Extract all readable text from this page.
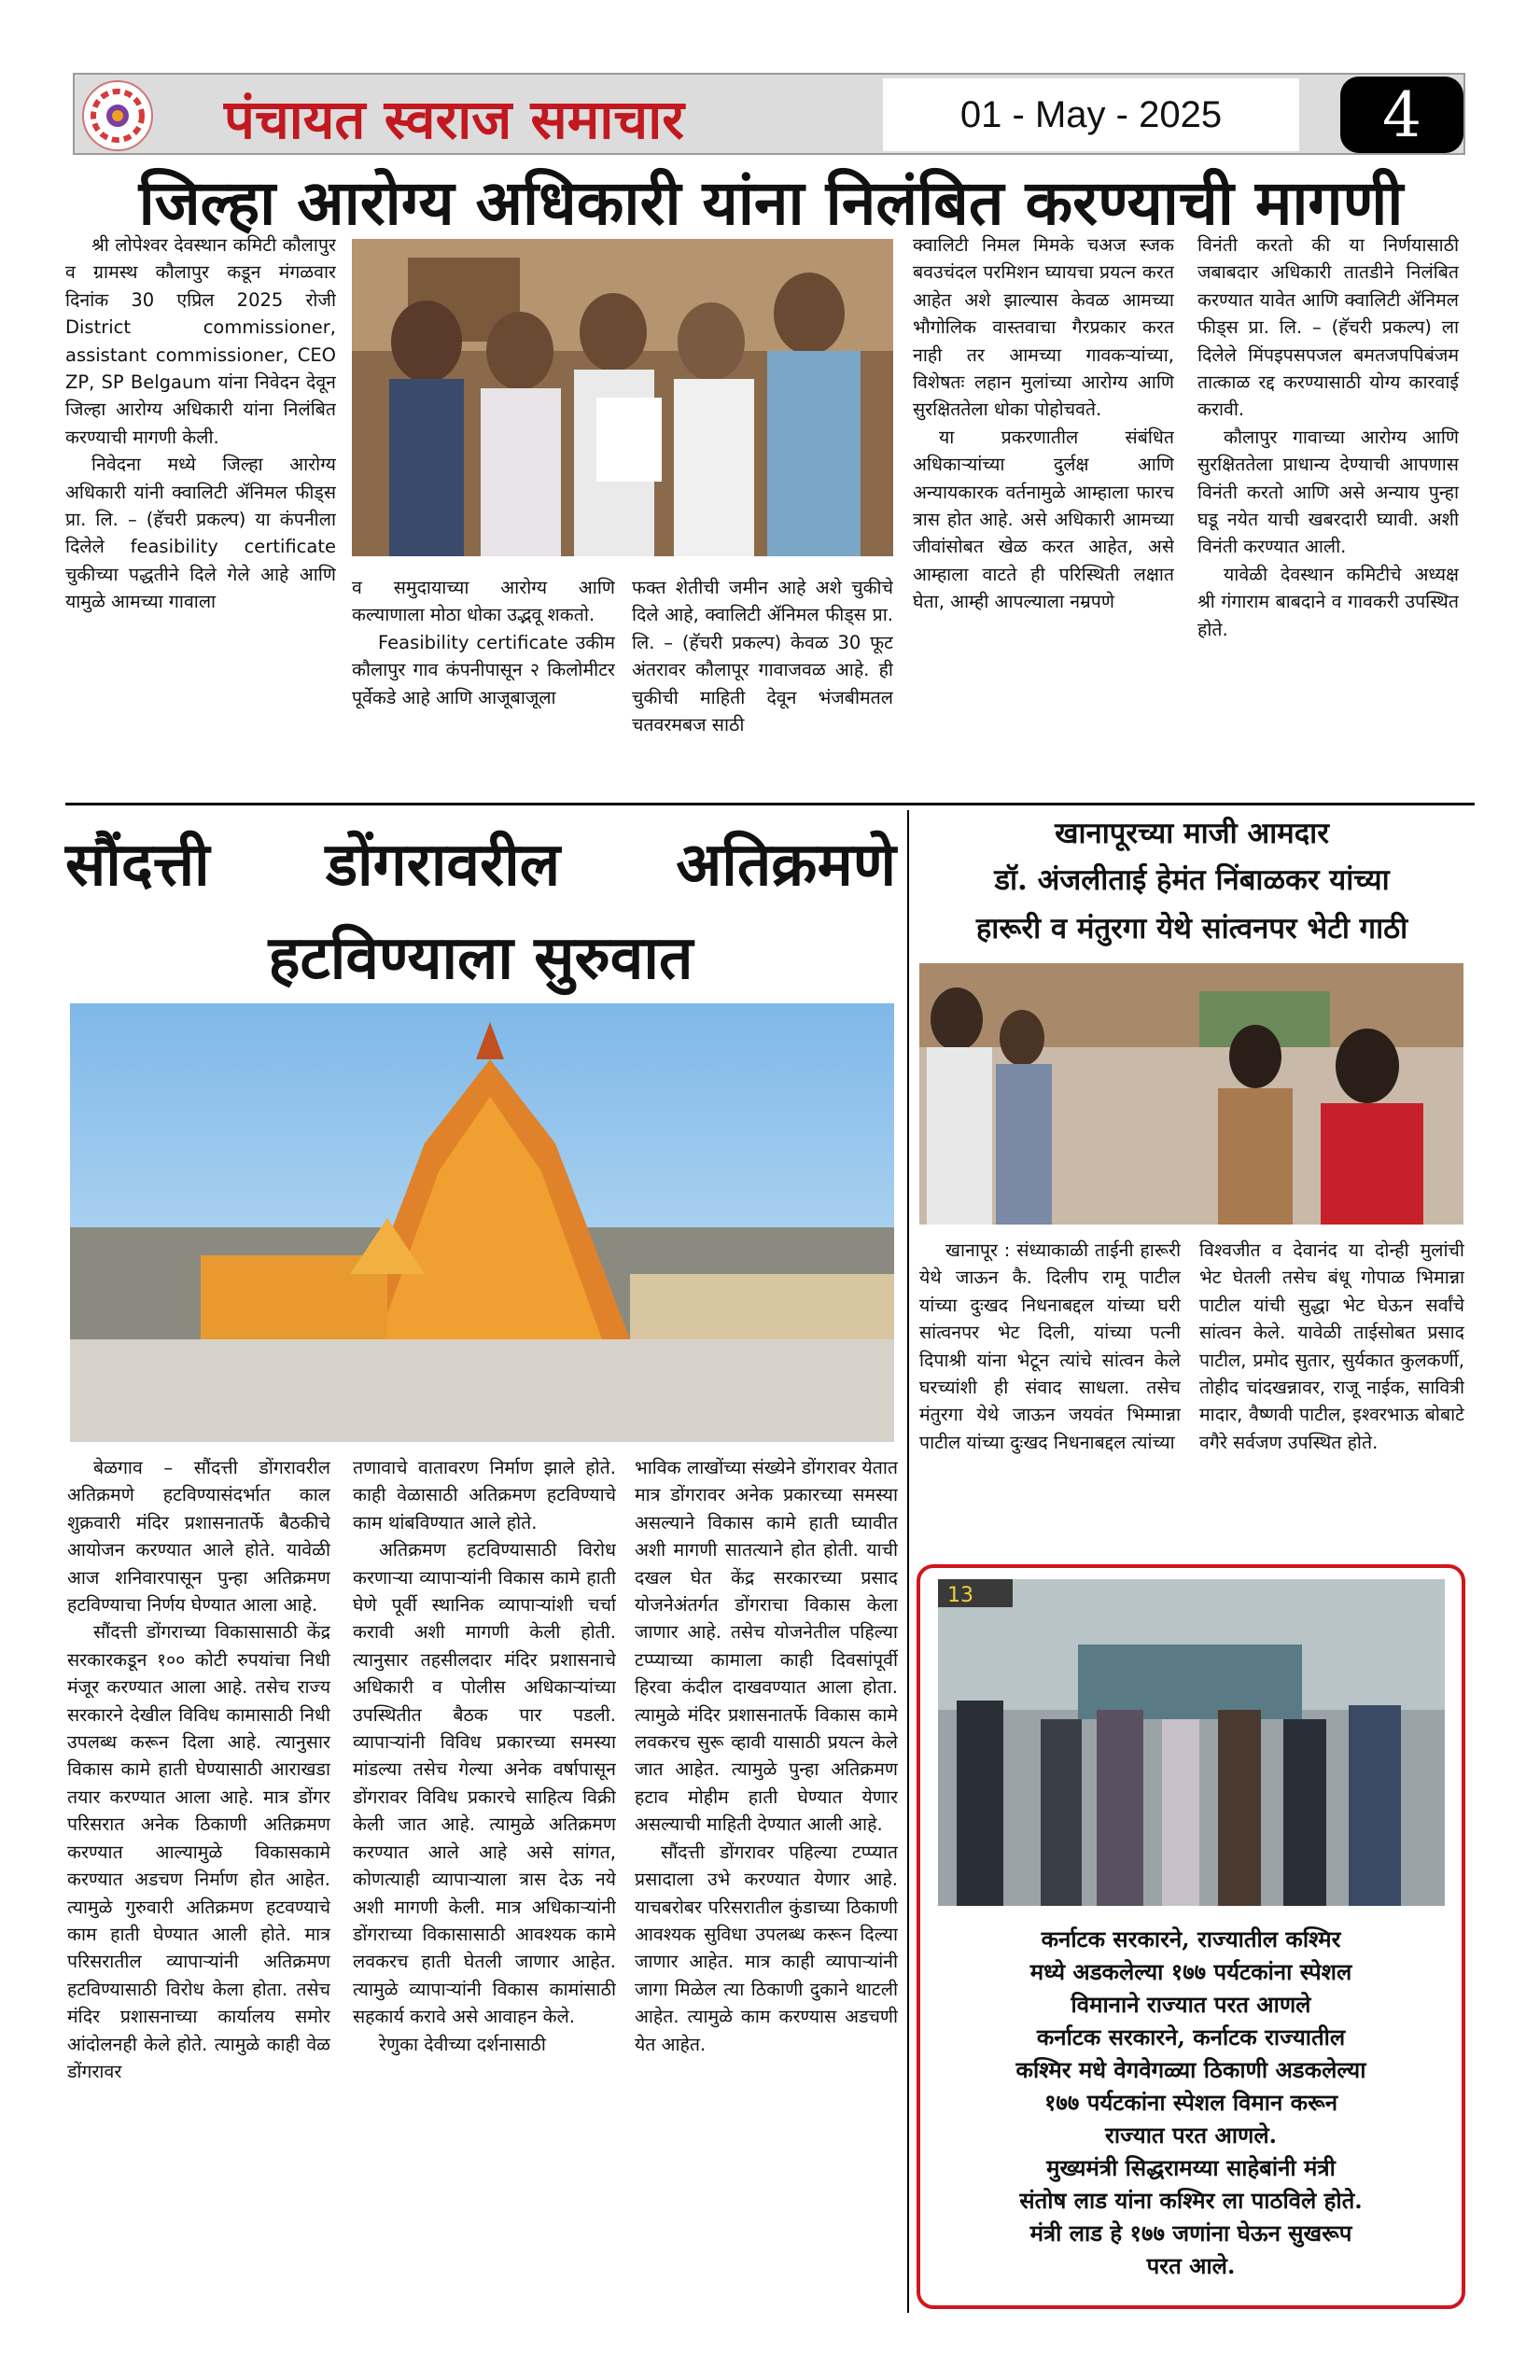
पंचायत स्वराज समाचार	01 - May - 2025	4
जिल्हा आरोग्य अधिकारी यांना निलंबित करण्याची मागणी

श्री लोपेश्वर देवस्थान कमिटी कौलापुर व ग्रामस्थ कौलापुर कडून मंगळवार दिनांक 30 एप्रिल 2025 रोजी District commissioner, assistant commissioner, CEO ZP, SP Belgaum यांना निवेदन देवून जिल्हा आरोग्य अधिकारी यांना निलंबित करण्याची मागणी केली.

निवेदना मध्ये जिल्हा आरोग्य अधिकारी यांनी क्वालिटी ॲनिमल फीड्स प्रा. लि. – (हॅचरी प्रकल्प) या कंपनीला दिलेले feasibility certificate चुकीच्या पद्धतीने दिले गेले आहे आणि यामुळे आमच्या गावाला

व समुदायाच्या आरोग्य आणि कल्याणाला मोठा धोका उद्भवू शकतो.

Feasibility certificate उकीम कौलापुर गाव कंपनीपासून २ किलोमीटर पूर्वेकडे आहे आणि आजूबाजूला

फक्त शेतीची जमीन आहे अशे चुकीचे दिले आहे, क्वालिटी ॲनिमल फीड्स प्रा. लि. – (हॅचरी प्रकल्प) केवळ 30 फूट अंतरावर कौलापूर गावाजवळ आहे. ही चुकीची माहिती देवून भंजबीमतल चतवरमबज साठी

क्वालिटी निमल मिमके चअज स्जक बवउचंदल परमिशन घ्यायचा प्रयत्न करत आहेत अशे झाल्यास केवळ आमच्या भौगोलिक वास्तवाचा गैरप्रकार करत नाही तर आमच्या गावकऱ्यांच्या, विशेषतः लहान मुलांच्या आरोग्य आणि सुरक्षिततेला धोका पोहोचवते.

या प्रकरणातील संबंधित अधिकाऱ्यांच्या दुर्लक्ष आणि अन्यायकारक वर्तनामुळे आम्हाला फारच त्रास होत आहे. असे अधिकारी आमच्या जीवांसोबत खेळ करत आहेत, असे आम्हाला वाटते ही परिस्थिती लक्षात घेता, आम्ही आपल्याला नम्रपणे

विनंती करतो की या निर्णयासाठी जबाबदार अधिकारी तातडीने निलंबित करण्यात यावेत आणि क्वालिटी ॲनिमल फीड्स प्रा. लि. – (हॅचरी प्रकल्प) ला दिलेले मिंपइपसपजल बमतजपपिबंजम तात्काळ रद्द करण्यासाठी योग्य कारवाई करावी.

कौलापुर गावाच्या आरोग्य आणि सुरक्षिततेला प्राधान्य देण्याची आपणास विनंती करतो आणि असे अन्याय पुन्हा घडू नयेत याची खबरदारी घ्यावी. अशी विनंती करण्यात आली.

यावेळी देवस्थान कमिटीचे अध्यक्ष श्री गंगाराम बाबदाने व गावकरी उपस्थित होते.

सौंदत्ती डोंगरावरील अतिक्रमणे
हटविण्याला सुरुवात

बेळगाव – सौंदत्ती डोंगरावरील अतिक्रमणे हटविण्यासंदर्भात काल शुक्रवारी मंदिर प्रशासनातर्फे बैठकीचे आयोजन करण्यात आले होते. यावेळी आज शनिवारपासून पुन्हा अतिक्रमण हटविण्याचा निर्णय घेण्यात आला आहे.

सौंदत्ती डोंगराच्या विकासासाठी केंद्र सरकारकडून १०० कोटी रुपयांचा निधी मंजूर करण्यात आला आहे. तसेच राज्य सरकारने देखील विविध कामासाठी निधी उपलब्ध करून दिला आहे. त्यानुसार विकास कामे हाती घेण्यासाठी आराखडा तयार करण्यात आला आहे. मात्र डोंगर परिसरात अनेक ठिकाणी अतिक्रमण करण्यात आल्यामुळे विकासकामे करण्यात अडचण निर्माण होत आहेत. त्यामुळे गुरुवारी अतिक्रमण हटवण्याचे काम हाती घेण्यात आली होते. मात्र परिसरातील व्यापाऱ्यांनी अतिक्रमण हटविण्यासाठी विरोध केला होता. तसेच मंदिर प्रशासनाच्या कार्यालय समोर आंदोलनही केले होते. त्यामुळे काही वेळ डोंगरावर

तणावाचे वातावरण निर्माण झाले होते. काही वेळासाठी अतिक्रमण हटविण्याचे काम थांबविण्यात आले होते.

अतिक्रमण हटविण्यासाठी विरोध करणाऱ्या व्यापाऱ्यांनी विकास कामे हाती घेणे पूर्वी स्थानिक व्यापाऱ्यांशी चर्चा करावी अशी मागणी केली होती. त्यानुसार तहसीलदार मंदिर प्रशासनाचे अधिकारी व पोलीस अधिकाऱ्यांच्या उपस्थितीत बैठक पार पडली. व्यापाऱ्यांनी विविध प्रकारच्या समस्या मांडल्या तसेच गेल्या अनेक वर्षापासून डोंगरावर विविध प्रकारचे साहित्य विक्री केली जात आहे. त्यामुळे अतिक्रमण करण्यात आले आहे असे सांगत, कोणत्याही व्यापाऱ्याला त्रास देऊ नये अशी मागणी केली. मात्र अधिकाऱ्यांनी डोंगराच्या विकासासाठी आवश्यक कामे लवकरच हाती घेतली जाणार आहेत. त्यामुळे व्यापाऱ्यांनी विकास कामांसाठी सहकार्य करावे असे आवाहन केले.

रेणुका देवीच्या दर्शनासाठी

भाविक लाखोंच्या संख्येने डोंगरावर येतात मात्र डोंगरावर अनेक प्रकारच्या समस्या असल्याने विकास कामे हाती घ्यावीत अशी मागणी सातत्याने होत होती. याची दखल घेत केंद्र सरकारच्या प्रसाद योजनेअंतर्गत डोंगराचा विकास केला जाणार आहे. तसेच योजनेतील पहिल्या टप्प्याच्या कामाला काही दिवसांपूर्वी हिरवा कंदील दाखवण्यात आला होता. त्यामुळे मंदिर प्रशासनातर्फे विकास कामे लवकरच सुरू व्हावी यासाठी प्रयत्न केले जात आहेत. त्यामुळे पुन्हा अतिक्रमण हटाव मोहीम हाती घेण्यात येणार असल्याची माहिती देण्यात आली आहे.

सौंदत्ती डोंगरावर पहिल्या टप्प्यात प्रसादाला उभे करण्यात येणार आहे. याचबरोबर परिसरातील कुंडाच्या ठिकाणी आवश्यक सुविधा उपलब्ध करून दिल्या जाणार आहेत. मात्र काही व्यापाऱ्यांनी जागा मिळेल त्या ठिकाणी दुकाने थाटली आहेत. त्यामुळे काम करण्यास अडचणी येत आहेत.

खानापूरच्या माजी आमदार
डॉ. अंजलीताई हेमंत निंबाळकर यांच्या
हारूरी व मंतुरगा येथे सांत्वनपर भेटी गाठी

खानापूर : संध्याकाळी ताईनी हारूरी येथे जाऊन कै. दिलीप रामू पाटील यांच्या दुःखद निधनाबद्दल यांच्या घरी सांत्वनपर भेट दिली, यांच्या पत्नी दिपाश्री यांना भेटून त्यांचे सांत्वन केले घरच्यांशी ही संवाद साधला. तसेच मंतुरगा येथे जाऊन जयवंत भिम्मान्ना पाटील यांच्या दुःखद निधनाबद्दल त्यांच्या

विश्वजीत व देवानंद या दोन्ही मुलांची भेट घेतली तसेच बंधू गोपाळ भिमान्ना पाटील यांची सुद्धा भेट घेऊन सर्वांचे सांत्वन केले. यावेळी ताईसोबत प्रसाद पाटील, प्रमोद सुतार, सुर्यकात कुलकर्णी, तोहीद चांदखन्नावर, राजू नाईक, सावित्री मादार, वैष्णवी पाटील, इश्वरभाऊ बोबाटे वगैरे सर्वजण उपस्थित होते.

13
कर्नाटक सरकारने, राज्यातील कश्मिर
मध्ये अडकलेल्या १७७ पर्यटकांना स्पेशल
विमानाने राज्यात परत आणले
कर्नाटक सरकारने, कर्नाटक राज्यातील
कश्मिर मधे वेगवेगळ्या ठिकाणी अडकलेल्या
१७७ पर्यटकांना स्पेशल विमान करून
राज्यात परत आणले.
मुख्यमंत्री सिद्धरामय्या साहेबांनी मंत्री
संतोष लाड यांना कश्मिर ला पाठविले होते.
मंत्री लाड हे १७७ जणांना घेऊन सुखरूप
परत आले.
